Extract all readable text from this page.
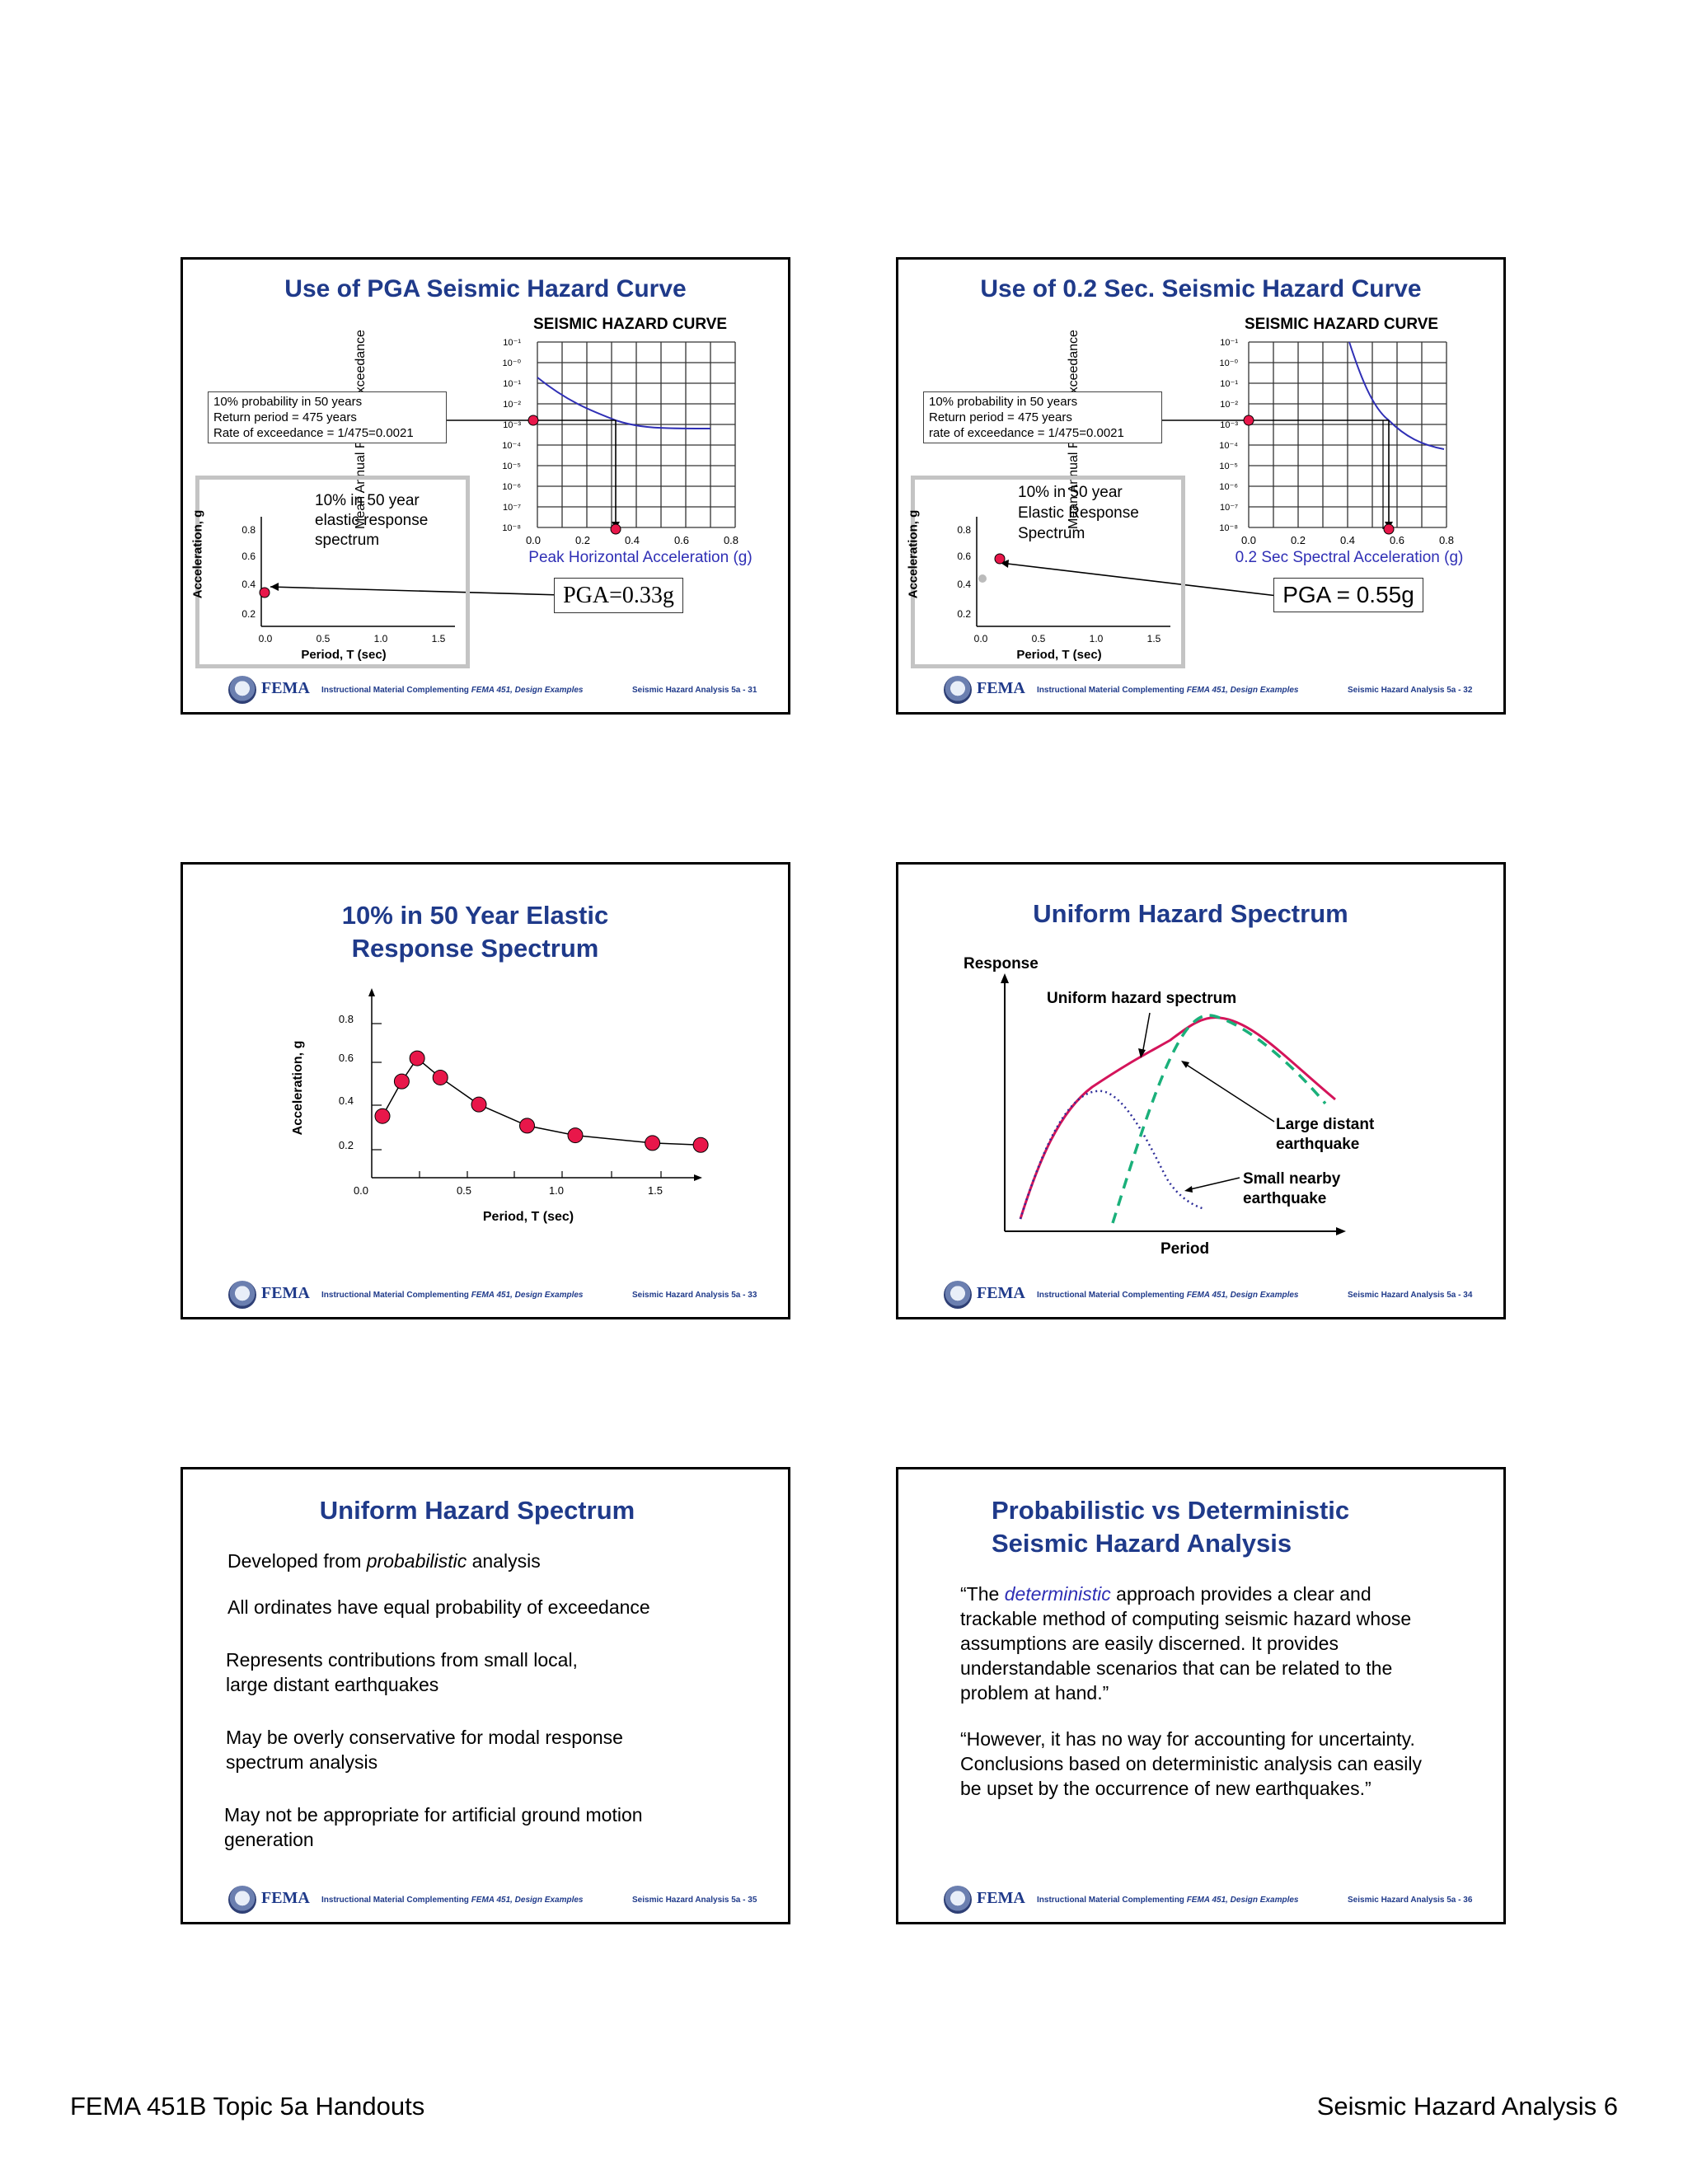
Use of PGA Seismic Hazard Curve
SEISMIC HAZARD CURVE
10⁻¹
10⁻⁰
10⁻¹
10⁻²
10⁻³
10⁻⁴
10⁻⁵
10⁻⁶
10⁻⁷
10⁻⁸
0.0	0.2	0.4	0.6	0.8
Peak Horizontal Acceleration (g)
10% probability in 50 years
Return period = 475 years
Rate of exceedance = 1/475=0.0021
10% in 50 year
elastic response
spectrum
Acceleration, g	0.8
0.6
0.4
0.2
0.0	0.5	1.0	1.5
Period, T (sec)
PGA=0.33g
FEMA Instructional Material Complementing FEMA 451, Design Examples	Seismic Hazard Analysis 5a - 31
Use of 0.2 Sec. Seismic Hazard Curve
SEISMIC HAZARD CURVE
10⁻¹
10⁻⁰
10⁻¹
10⁻²
10⁻³
10⁻⁴
10⁻⁵
10⁻⁶
10⁻⁷
10⁻⁸
0.0	0.2	0.4	0.6	0.8
0.2 Sec Spectral Acceleration (g)
10% probability in 50 years
Return period = 475 years
rate of exceedance = 1/475=0.0021
10% in 50 year
Elastic Response
Spectrum
Acceleration, g	0.8
0.6
0.4
0.2
0.0	0.5	1.0	1.5
Period, T (sec)
PGA = 0.55g
FEMA Instructional Material Complementing FEMA 451, Design Examples	Seismic Hazard Analysis 5a - 32
10% in 50 Year Elastic
Response Spectrum
Acceleration, g
0.8
0.6
0.4
0.2
0.0	0.5	1.0	1.5
Period, T (sec)
FEMA Instructional Material Complementing FEMA 451, Design Examples	Seismic Hazard Analysis 5a - 33
Uniform Hazard Spectrum
Response
Uniform hazard spectrum
Large distant
earthquake
Small nearby
earthquake
Period
FEMA Instructional Material Complementing FEMA 451, Design Examples	Seismic Hazard Analysis 5a - 34
Uniform Hazard Spectrum
Developed from probabilistic analysis
All ordinates have equal probability of exceedance
Represents contributions from small local,
large distant earthquakes
May be overly conservative for modal response
spectrum analysis
May not be appropriate for artificial ground motion
generation
FEMA Instructional Material Complementing FEMA 451, Design Examples	Seismic Hazard Analysis 5a - 35
Probabilistic vs Deterministic
Seismic Hazard Analysis
“The deterministic approach provides a clear and
trackable method of computing seismic hazard whose
assumptions are easily discerned. It provides
understandable scenarios that can be related to the
problem at hand.”
“However, it has no way for accounting for uncertainty.
Conclusions based on deterministic analysis can easily
be upset by the occurrence of new earthquakes.”
FEMA Instructional Material Complementing FEMA 451, Design Examples	Seismic Hazard Analysis 5a - 36
FEMA 451B Topic 5a Handouts	Seismic Hazard Analysis 6
